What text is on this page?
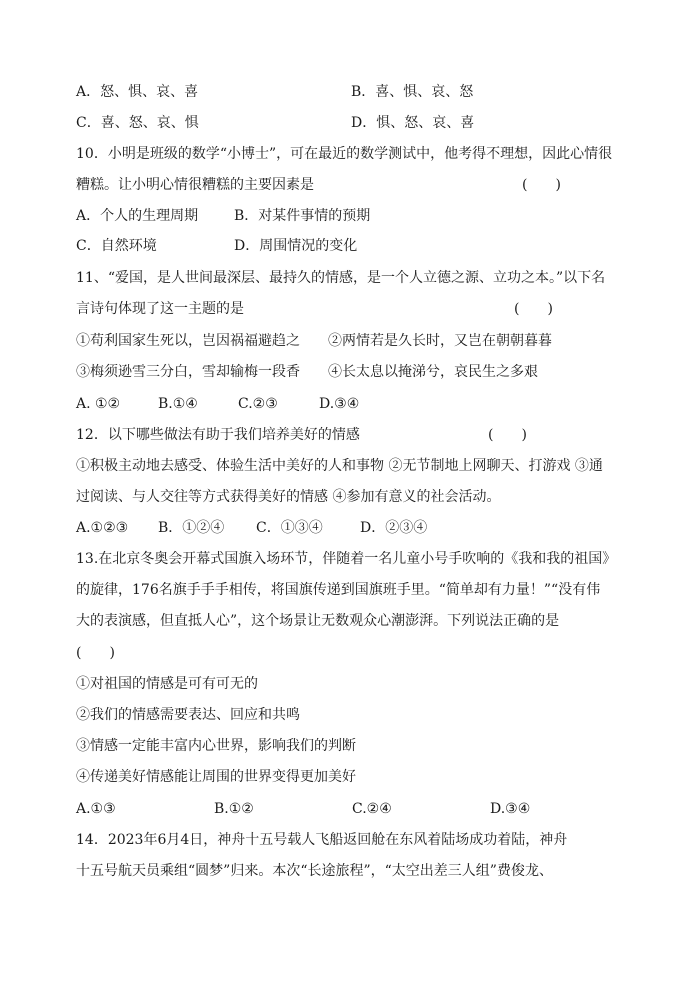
A．怒、惧、哀、喜	B．喜、惧、哀、怒
C．喜、怒、哀、惧	D．惧、怒、哀、喜
10．小明是班级的数学“小博士”，可在最近的数学测试中，他考得不理想，因此心情很
糟糕。让小明心情很糟糕的主要因素是	(　　)
A．个人的生理周期	B．对某件事情的预期
C．自然环境	D．周围情况的变化
11、“爱国，是人世间最深层、最持久的情感，是一个人立德之源、立功之本。”以下名
言诗句体现了这一主题的是	(　　)
①苟利国家生死以，岂因祸福避趋之 ②两情若是久长时，又岂在朝朝暮暮
③梅须逊雪三分白，雪却输梅一段香 ④长太息以掩涕兮，哀民生之多艰
A. ①②	B.①④	C.②③	D.③④
12．以下哪些做法有助于我们培养美好的情感	(　　)
①积极主动地去感受、体验生活中美好的人和事物 ②无节制地上网聊天、打游戏 ③通
过阅读、与人交往等方式获得美好的情感 ④参加有意义的社会活动。
A.①②③ B．①②④ C．①③④	D．②③④
13.在北京冬奥会开幕式国旗入场环节，伴随着一名儿童小号手吹响的《我和我的祖国》
的旋律，176名旗手手手相传，将国旗传递到国旗班手里。“简单却有力量！”“没有伟
大的表演感，但直抵人心”，这个场景让无数观众心潮澎湃。下列说法正确的是
(　　)
①对祖国的情感是可有可无的
②我们的情感需要表达、回应和共鸣
③情感一定能丰富内心世界，影响我们的判断
④传递美好情感能让周围的世界变得更加美好
A.①③	B.①②	C.②④	D.③④
14．2023年6月4日，神舟十五号载人飞船返回舱在东风着陆场成功着陆，神舟
十五号航天员乘组“圆梦”归来。本次“长途旅程”，“太空出差三人组”费俊龙、
